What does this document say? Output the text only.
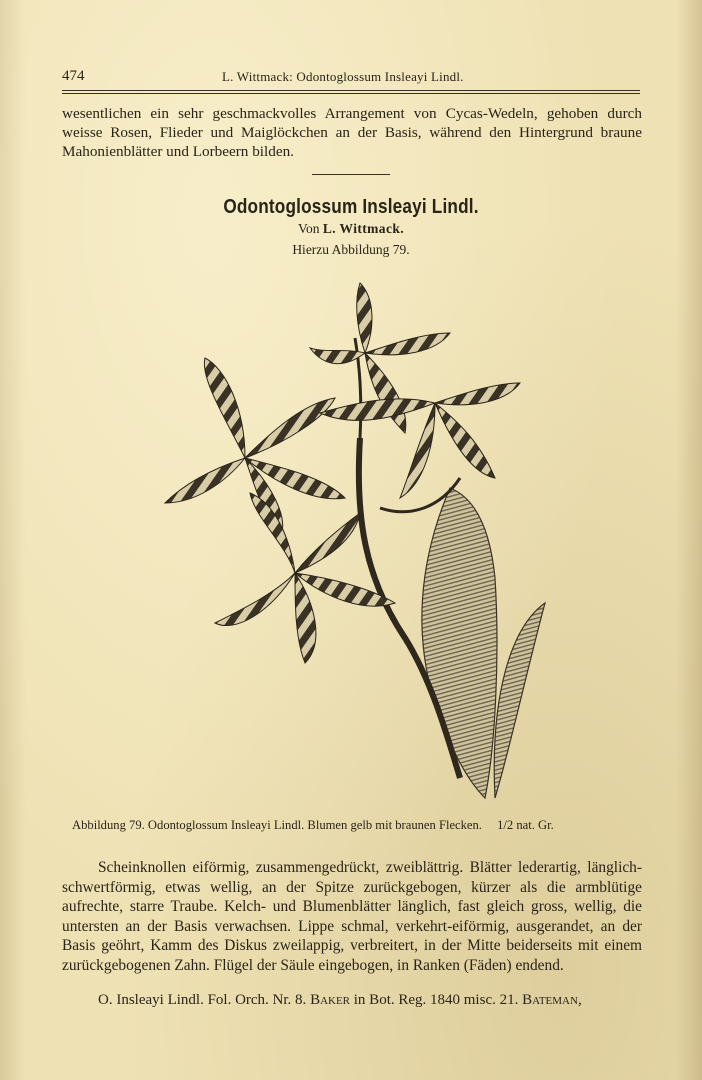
474	L. Wittmack: Odontoglossum Insleayi Lindl.

wesentlichen ein sehr geschmackvolles Arrangement von Cycas-Wedeln, gehoben durch weisse Rosen, Flieder und Maiglöckchen an der Basis, während den Hintergrund braune Mahonienblätter und Lorbeern bilden.

Odontoglossum Insleayi Lindl.
Von L. Wittmack.
Hierzu Abbildung 79.
Abbildung 79. Odontoglossum Insleayi Lindl. Blumen gelb mit braunen Flecken. 1/2 nat. Gr.

Scheinknollen eiförmig, zusammengedrückt, zweiblättrig. Blätter lederartig, länglich-schwertförmig, etwas wellig, an der Spitze zurückgebogen, kürzer als die armblütige aufrechte, starre Traube. Kelch- und Blumenblätter länglich, fast gleich gross, wellig, die untersten an der Basis verwachsen. Lippe schmal, verkehrt-eiförmig, ausgerandet, an der Basis geöhrt, Kamm des Diskus zweilappig, verbreitert, in der Mitte beiderseits mit einem zurückgebogenen Zahn. Flügel der Säule eingebogen, in Ranken (Fäden) endend.

O. Insleayi Lindl. Fol. Orch. Nr. 8. Baker in Bot. Reg. 1840 misc. 21. Bateman,
